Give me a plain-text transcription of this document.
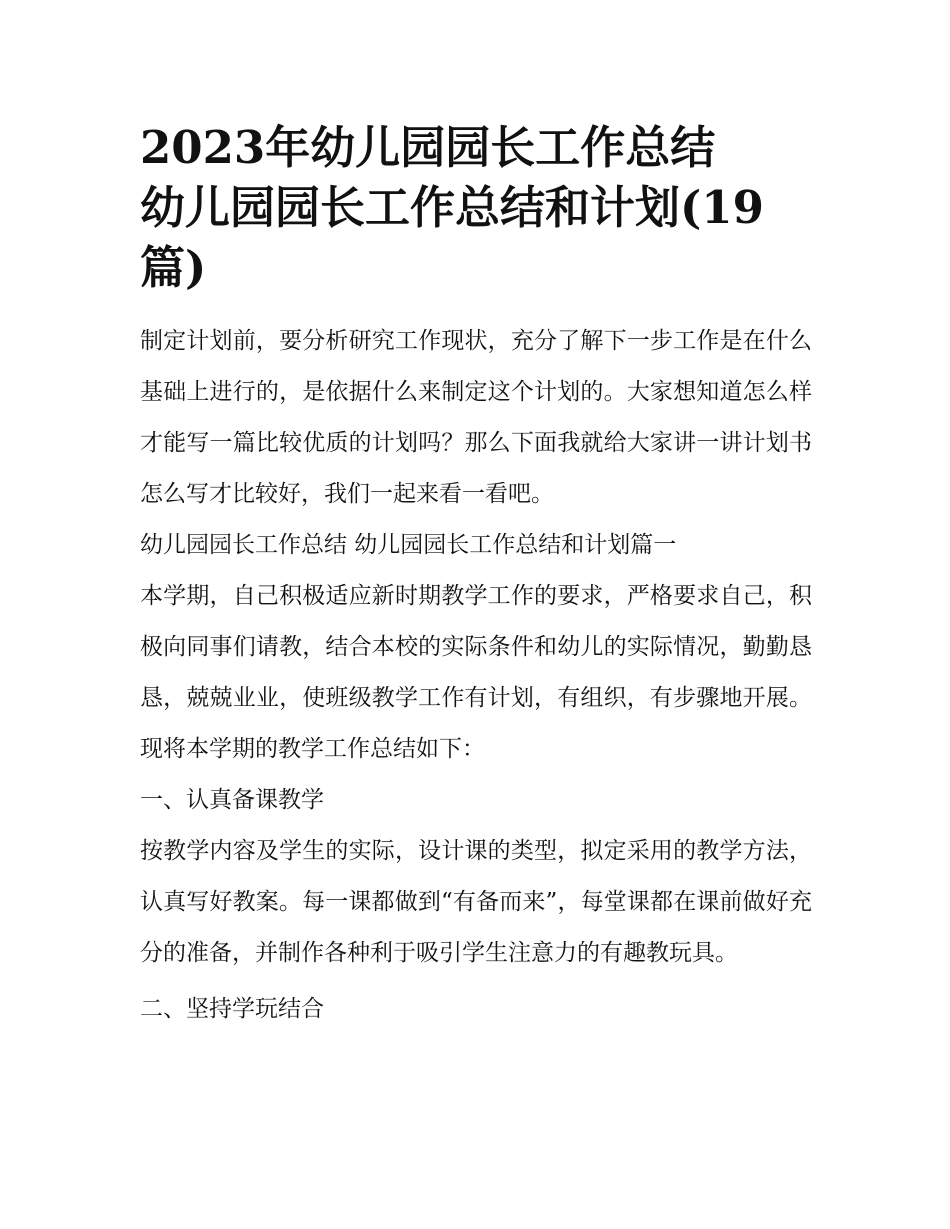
2023年幼儿园园长工作总结
幼儿园园长工作总结和计划(19
篇)

制定计划前，要分析研究工作现状，充分了解下一步工作是在什么基础上进行的，是依据什么来制定这个计划的。大家想知道怎么样才能写一篇比较优质的计划吗？那么下面我就给大家讲一讲计划书怎么写才比较好，我们一起来看一看吧。

幼儿园园长工作总结 幼儿园园长工作总结和计划篇一

本学期，自己积极适应新时期教学工作的要求，严格要求自己，积极向同事们请教，结合本校的实际条件和幼儿的实际情况，勤勤恳恳，兢兢业业，使班级教学工作有计划，有组织，有步骤地开展。现将本学期的教学工作总结如下：

一、认真备课教学

按教学内容及学生的实际，设计课的类型，拟定采用的教学方法，认真写好教案。每一课都做到“有备而来”，每堂课都在课前做好充分的准备，并制作各种利于吸引学生注意力的有趣教玩具。

二、坚持学玩结合
